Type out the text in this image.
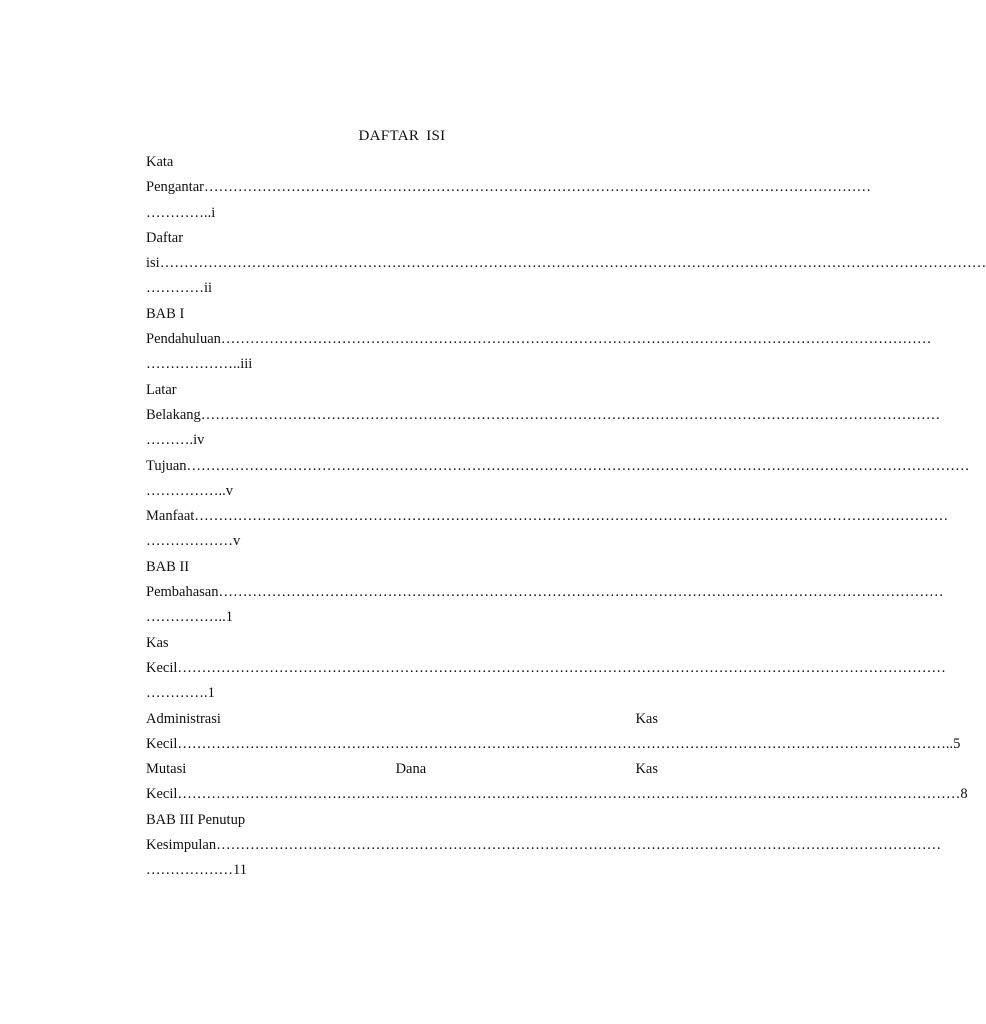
DAFTAR ISI
Kata
Pengantar…………………………………………………………………………………………………………………………
…………..i
Daftar
isi………………………………………………………………………………………………………………………………………………………
…………ii
BAB I
Pendahuluan…………………………………………………………………………………………………………………………………
………………..iii
Latar
Belakang………………………………………………………………………………………………………………………………………
……….iv
Tujuan………………………………………………………………………………………………………………………………………………
……………..v
Manfaat…………………………………………………………………………………………………………………………………………
………………v
BAB II
Pembahasan……………………………………………………………………………………………………………………………………
……………..1
Kas
Kecil……………………………………………………………………………………………………………………………………………
………….1
Administrasi	Kas
Kecil……………………………………………………………………………………………………………………………………………..5
Mutasi	Dana	Kas
Kecil………………………………………………………………………………………………………………………………………………8
BAB III Penutup
Kesimpulan……………………………………………………………………………………………………………………………………
………………11
